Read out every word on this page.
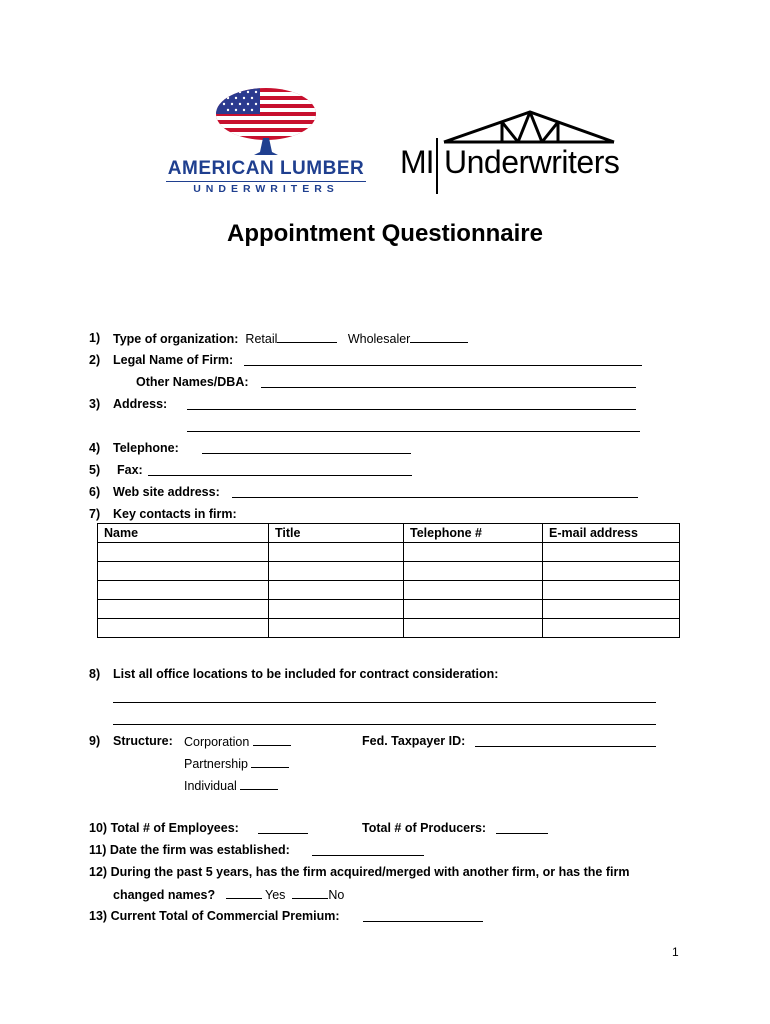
AMERICAN LUMBER
UNDERWRITERS
MI Underwriters
Appointment Questionnaire
1) Type of organization: Retail	Wholesaler
2) Legal Name of Firm:
Other Names/DBA:
3) Address:
4) Telephone:
5) Fax:
6) Web site address:
7) Key contacts in firm:
Name	Title	Telephone #	E-mail address

8) List all office locations to be included for contract consideration:
9) Structure: Corporation
Partnership
Individual
Fed. Taxpayer ID:
10) Total # of Employees:	Total # of Producers:
11) Date the firm was established:
12) During the past 5 years, has the firm acquired/merged with another firm, or has the firm
changed names?	Yes	No
13) Current Total of Commercial Premium:
1
